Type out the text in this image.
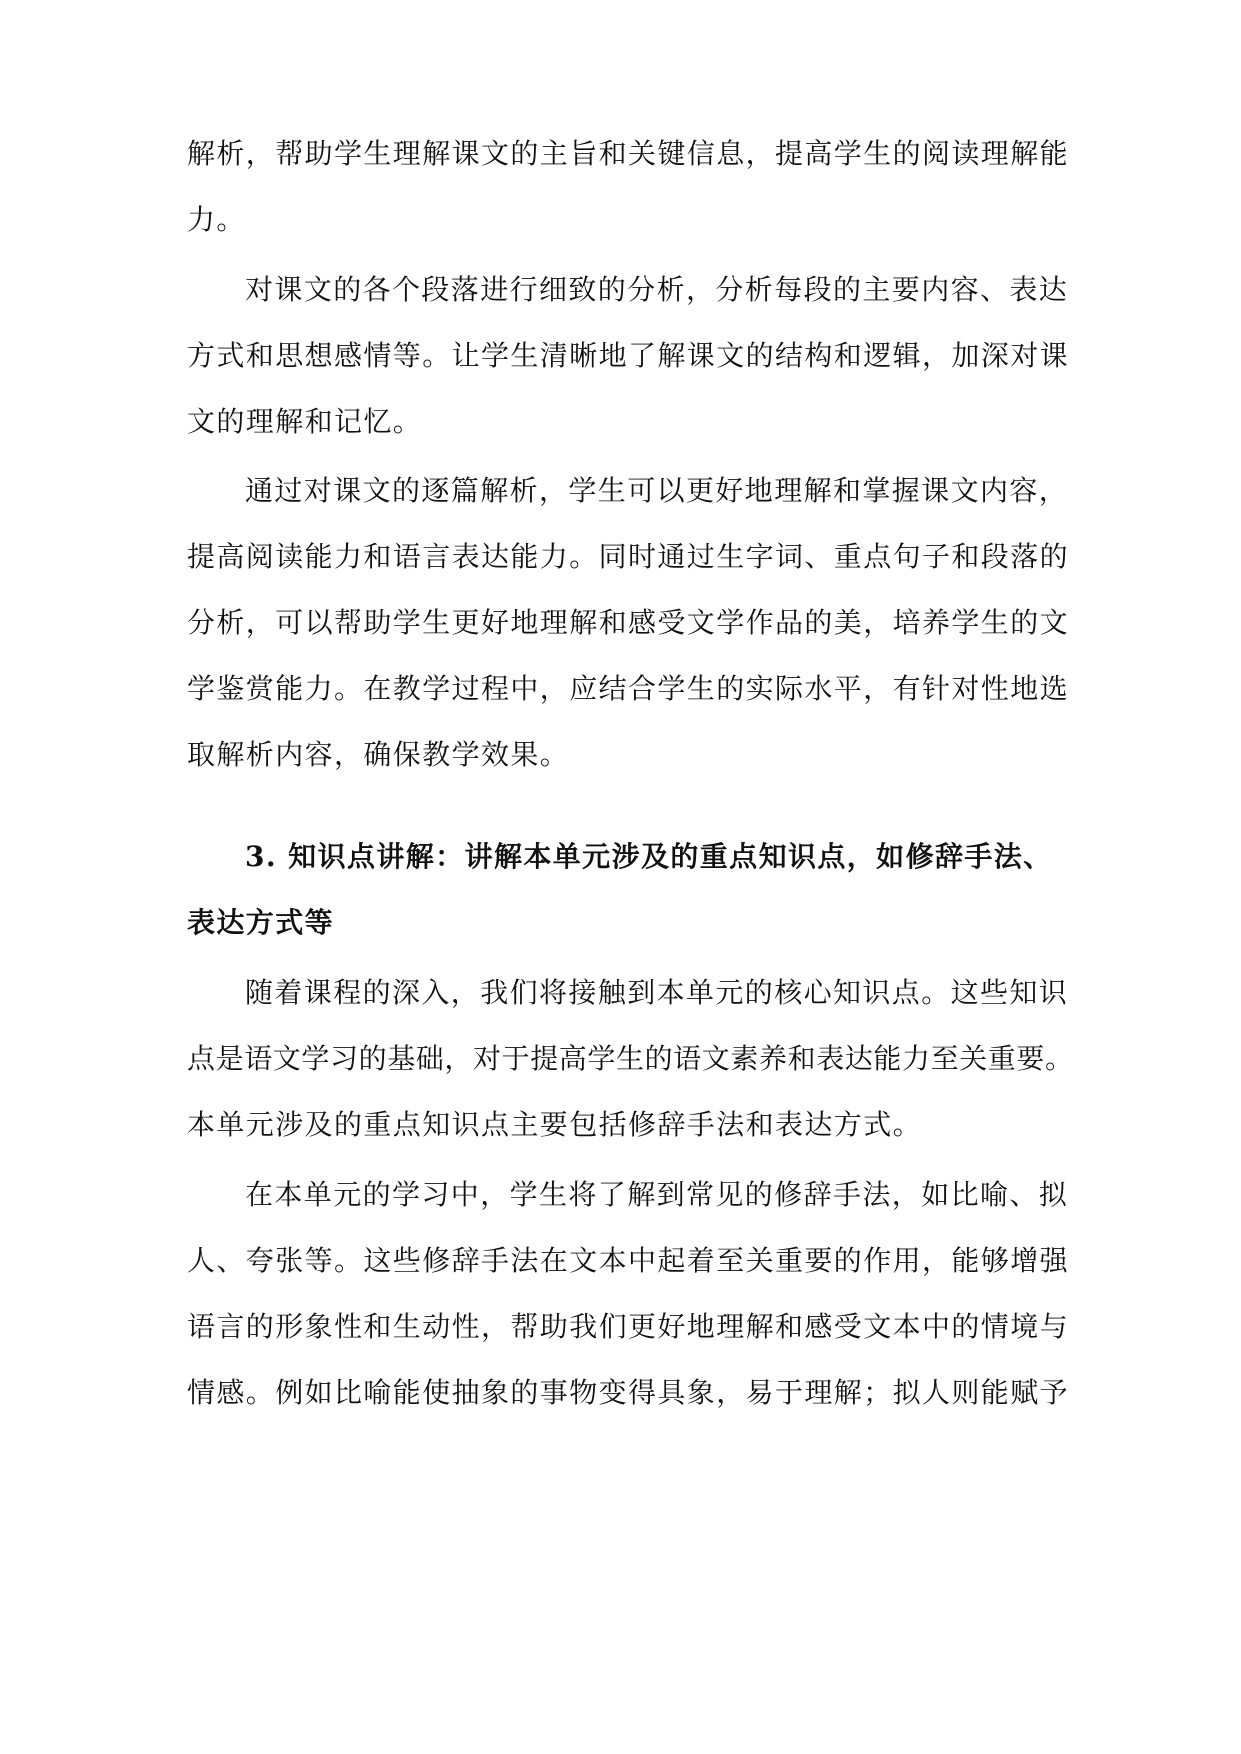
解析，帮助学生理解课文的主旨和关键信息，提高学生的阅读理解能
力。
对课文的各个段落进行细致的分析，分析每段的主要内容、表达
方式和思想感情等。让学生清晰地了解课文的结构和逻辑，加深对课
文的理解和记忆。
通过对课文的逐篇解析，学生可以更好地理解和掌握课文内容，
提高阅读能力和语言表达能力。同时通过生字词、重点句子和段落的
分析，可以帮助学生更好地理解和感受文学作品的美，培养学生的文
学鉴赏能力。在教学过程中，应结合学生的实际水平，有针对性地选
取解析内容，确保教学效果。
3. 知识点讲解：讲解本单元涉及的重点知识点，如修辞手法、
表达方式等
随着课程的深入，我们将接触到本单元的核心知识点。这些知识
点是语文学习的基础，对于提高学生的语文素养和表达能力至关重要。
本单元涉及的重点知识点主要包括修辞手法和表达方式。
在本单元的学习中，学生将了解到常见的修辞手法，如比喻、拟
人、夸张等。这些修辞手法在文本中起着至关重要的作用，能够增强
语言的形象性和生动性，帮助我们更好地理解和感受文本中的情境与
情感。例如比喻能使抽象的事物变得具象，易于理解；拟人则能赋予
